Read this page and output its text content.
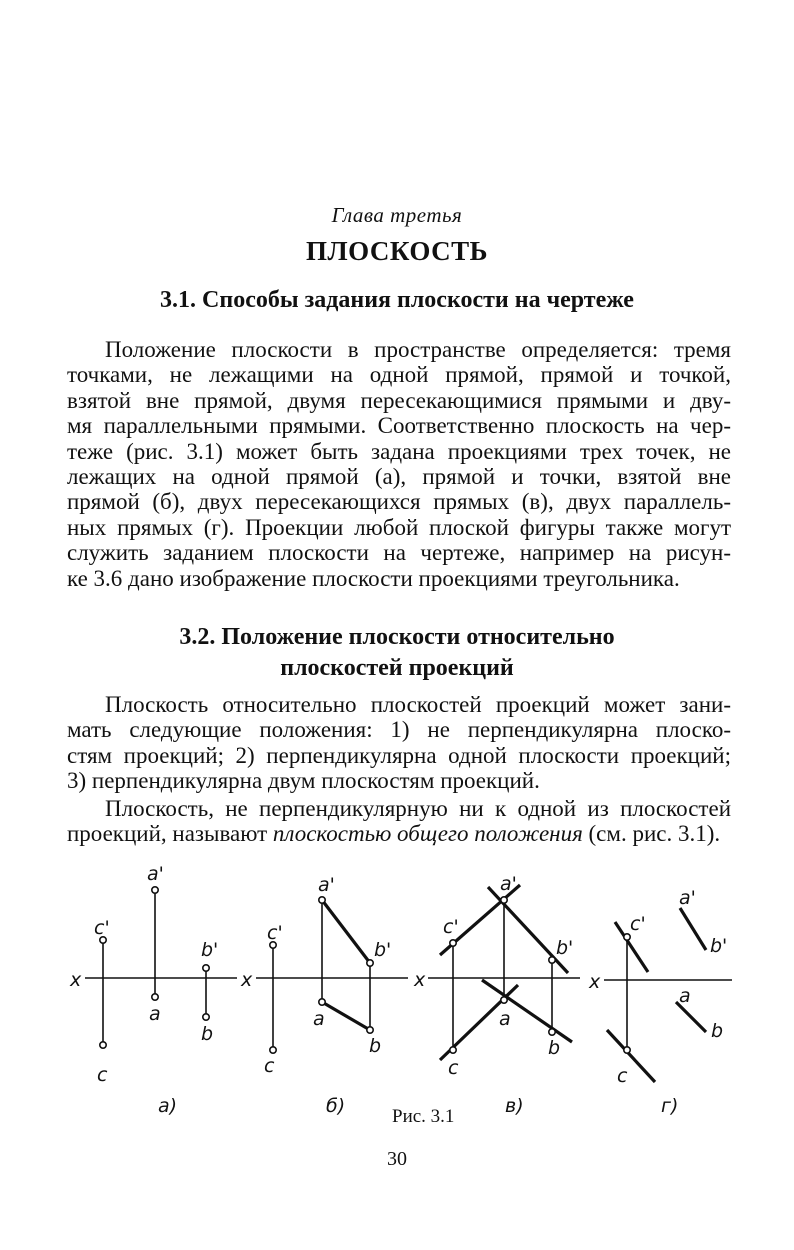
Глава третья
ПЛОСКОСТЬ
3.1. Способы задания плоскости на чертеже
Положение плоскости в пространстве определяется: тремя
точками, не лежащими на одной прямой, прямой и точкой,
взятой вне прямой, двумя пересекающимися прямыми и дву-
мя параллельными прямыми. Соответственно плоскость на чер-
теже (рис. 3.1) может быть задана проекциями трех точек, не
лежащих на одной прямой (а), прямой и точки, взятой вне
прямой (б), двух пересекающихся прямых (в), двух параллель-
ных прямых (г). Проекции любой плоской фигуры также могут
служить заданием плоскости на чертеже, например на рисун-
ке 3.6 дано изображение плоскости проекциями треугольника.
3.2. Положение плоскости относительно
плоскостей проекций
Плоскость относительно плоскостей проекций может зани-
мать следующие положения: 1) не перпендикулярна плоско-
стям проекций; 2) перпендикулярна одной плоскости проекций;
3) перпендикулярна двум плоскостям проекций.
Плоскость, не перпендикулярную ни к одной из плоскостей
проекций, называют плоскостью общего положения (см. рис. 3.1).
x	x	x	x
a'
c'
b'
a
b
c
a'
c'
b'
a
b
c
a'
c'
b'
a
b
c
a'
c'
b'
a
b
c
а)	б)	в)	г)
Рис. 3.1
30
